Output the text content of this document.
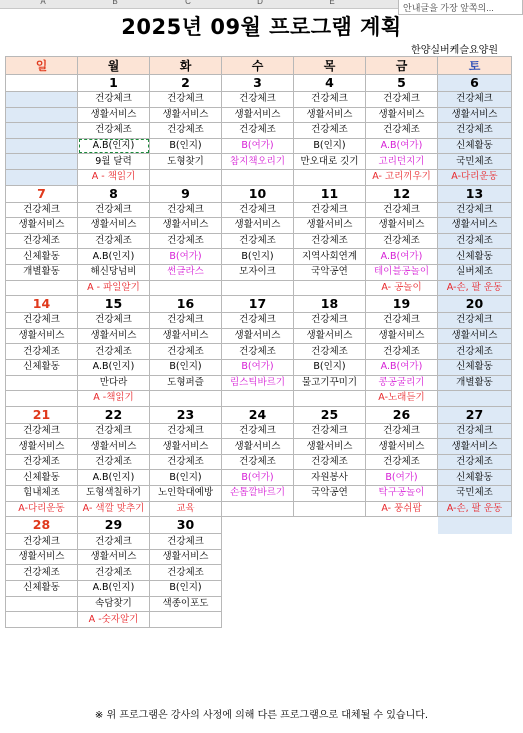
A	B	C	D	E
안내글을 가장 앞쪽의...
2025년 09월 프로그램 계획
한양실버케슬요양원
일	월	화	수	목	금	토
	1	2	3	4	5	6
	건강체크	건강체크	건강체크	건강체크	건강체크	건강체크
	생활서비스	생활서비스	생활서비스	생활서비스	생활서비스	생활서비스
	건강체조	건강체조	건강체조	건강체조	건강체조	건강체조
	A.B(인지)	B(인지)	B(여가)	B(인지)	A.B(여가)	신체활동
	9월 달력	도형찾기	참지책오리기	만오대로 깃기	고리던지기	국민체조
	A - 책읽기				A- 고리끼우기	A-다리운동
7	8	9	10	11	12	13
건강체크	건강체크	건강체크	건강체크	건강체크	건강체크	건강체크
생활서비스	생활서비스	생활서비스	생활서비스	생활서비스	생활서비스	생활서비스
건강체조	건강체조	건강체조	건강체조	건강체조	건강체조	건강체조
신체활동	A.B(인지)	B(여가)	B(인지)	지역사회연계	A.B(여가)	신체활동
개별활동	해신당넘비	썬글라스	모자이크	국악공연	테이블공놀이	실버체조
	A - 파일알기				A- 공놀이	A-손, 팔 운동
14	15	16	17	18	19	20
건강체크	건강체크	건강체크	건강체크	건강체크	건강체크	건강체크
생활서비스	생활서비스	생활서비스	생활서비스	생활서비스	생활서비스	생활서비스
건강체조	건강체조	건강체조	건강체조	건강체조	건강체조	건강체조
신체활동	A.B(인지)	B(인지)	B(여가)	B(인지)	A.B(여가)	신체활동
	만다라	도형퍼즐	림스틱바르기	물고기꾸미기	콩공굴리기	개별활동
	A -책읽기				A-노래듣기	
21	22	23	24	25	26	27
건강체크	건강체크	건강체크	건강체크	건강체크	건강체크	건강체크
생활서비스	생활서비스	생활서비스	생활서비스	생활서비스	생활서비스	생활서비스
건강체조	건강체조	건강체조	건강체조	건강체조	건강체조	건강체조
신체활동	A.B(인지)	B(인지)	B(여가)	자원봉사	B(여가)	신체활동
힘내체조	도형색칠하기	노인학대예방	손톱깔바르기	국악공연	탁구공놀이	국민체조
A-다리운동	A- 색깔 맞추기	교육			A- 풍쉬팝	A-손, 팔 운동
28	29	30				
건강체크	건강체크	건강체크				
생활서비스	생활서비스	생활서비스				
건강체조	건강체조	건강체조				
신체활동	A.B(인지)	B(인지)				
	속담찾기	색종이포도				
	A -숫자알기					
※ 위 프로그램은 강사의 사정에 의해 다른 프로그램으로 대체될 수 있습니다.
